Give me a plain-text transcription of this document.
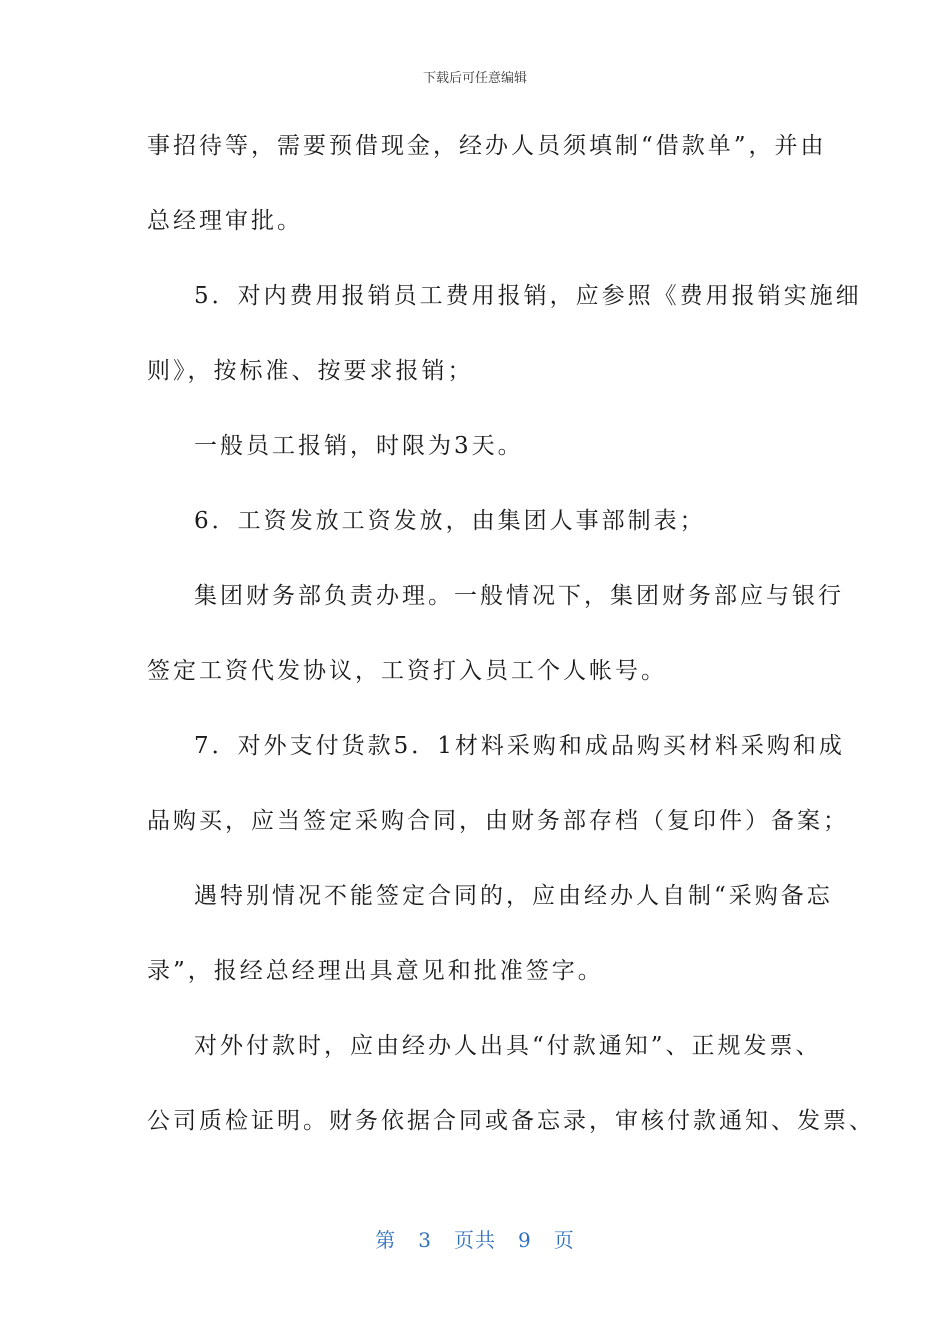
下载后可任意编辑
事招待等，需要预借现金，经办人员须填制“借款单”，并由
总经理审批。
5．对内费用报销员工费用报销，应参照《费用报销实施细
则》，按标准、按要求报销；
一般员工报销，时限为3天。
6．工资发放工资发放，由集团人事部制表；
集团财务部负责办理。一般情况下，集团财务部应与银行
签定工资代发协议，工资打入员工个人帐号。
7．对外支付货款5．1材料采购和成品购买材料采购和成
品购买，应当签定采购合同，由财务部存档（复印件）备案；
遇特别情况不能签定合同的，应由经办人自制“采购备忘
录”，报经总经理出具意见和批准签字。
对外付款时，应由经办人出具“付款通知”、正规发票、
公司质检证明。财务依据合同或备忘录，审核付款通知、发票、
第 3 页共 9 页
